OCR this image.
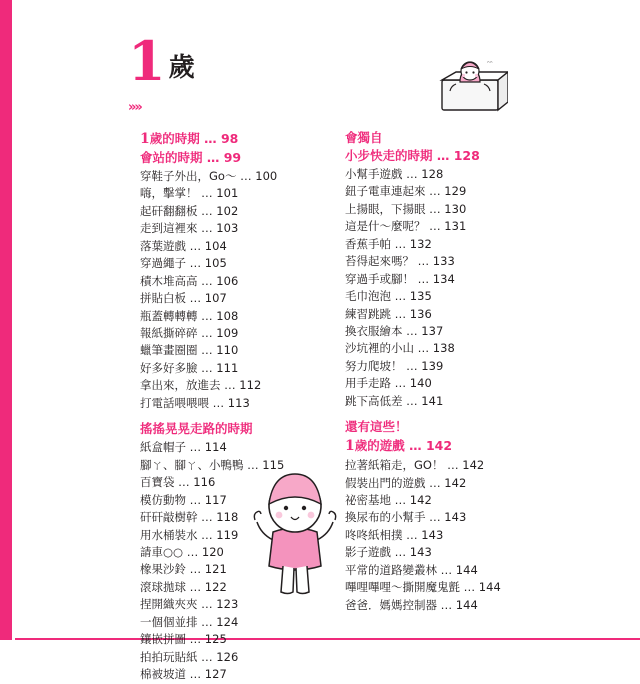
1 歲
»»
ᵔᵔ
1歲的時期 … 98
會站的時期 … 99
穿鞋子外出，Go～ … 100
嗨，擊掌！ … 101
起矸翻翻板 … 102
走到這裡來 … 103
落葉遊戲 … 104
穿過繩子 … 105
積木堆高高 … 106
拼貼白板 … 107
瓶蓋轉轉轉 … 108
報紙撕碎碎 … 109
蠟筆畫圈圈 … 110
好多好多臉 … 111
拿出來，放進去 … 112
打電話喂喂喂 … 113
搖搖晃晃走路的時期
紙盒帽子 … 114
腳ㄚ、腳ㄚ、小鴨鴨 … 115
百寶袋 … 116
模仿動物 … 117
矸矸敲樹幹 … 118
用水桶裝水 … 119
請車○○ … 120
橡果沙鈴 … 121
滾球拋球 … 122
捏開織夾夾 … 123
一個個並排 … 124
鑲嵌拼圖 … 125
拍拍玩貼紙 … 126
棉被坡道 … 127
會獨自
小步快走的時期 … 128
小幫手遊戲 … 128
鈕子電車連起來 … 129
上揚眼，下揚眼 … 130
這是什～麼呢？ … 131
香蕉手帕 … 132
苔得起來嗎？ … 133
穿過手或腳！ … 134
毛巾泡泡 … 135
練習跳跳 … 136
換衣服繪本 … 137
沙坑裡的小山 … 138
努力爬坡！ … 139
用手走路 … 140
跳下高低差 … 141
還有這些！
1歲的遊戲 … 142
拉著紙箱走，GO！ … 142
假裝出門的遊戲 … 142
祕密基地 … 142
換尿布的小幫手 … 143
咚咚紙相撲 … 143
影子遊戲 … 143
平常的道路變叢林 … 144
嗶哩嗶哩～撕開魔鬼氈 … 144
爸爸．媽媽控制器 … 144
